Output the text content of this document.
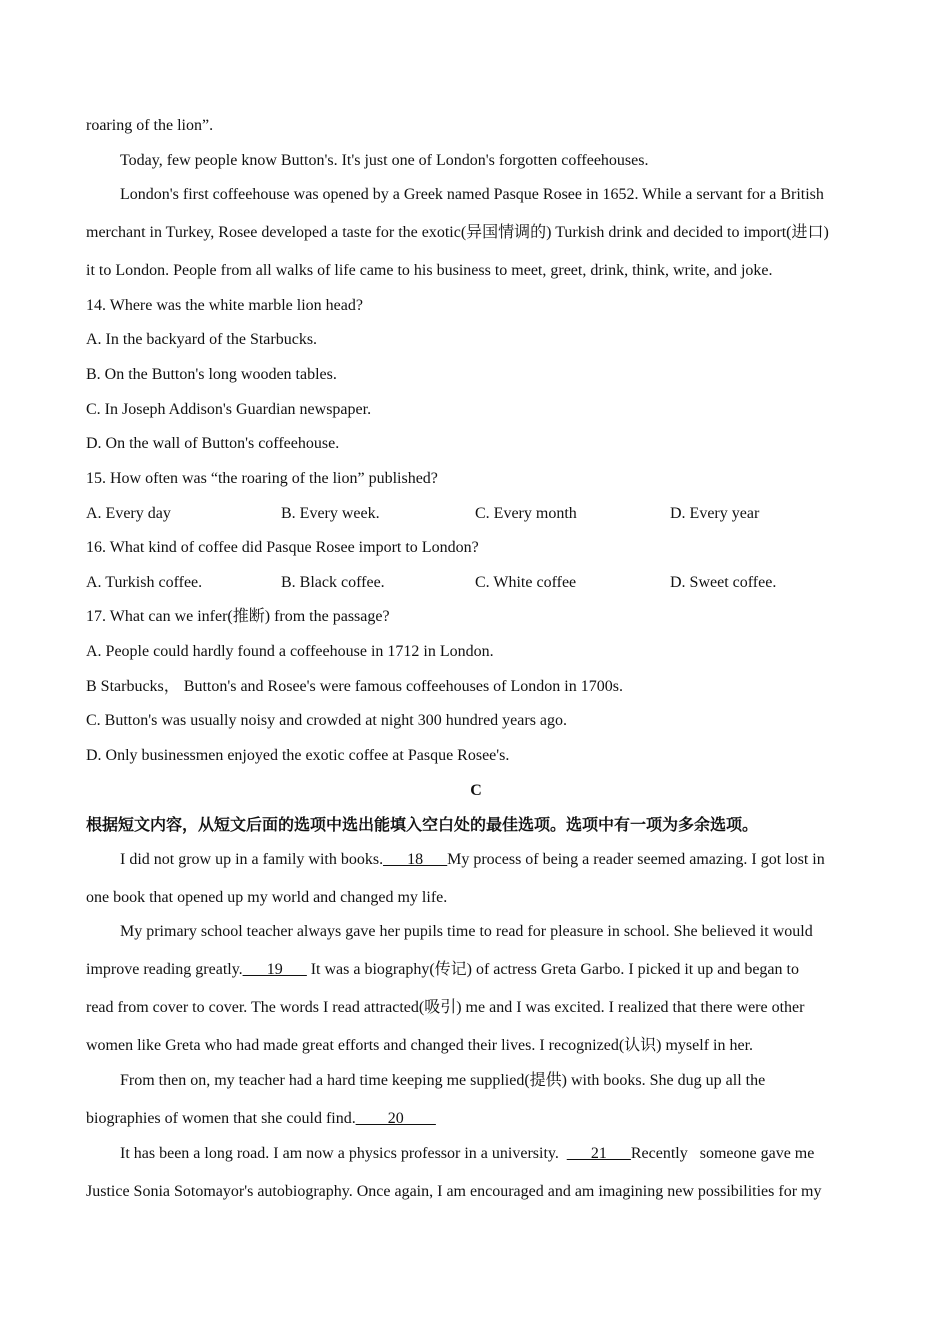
roaring of the lion”.
Today, few people know Button's. It's just one of London's forgotten coffeehouses.
London's first coffeehouse was opened by a Greek named Pasque Rosee in 1652. While a servant for a British
merchant in Turkey, Rosee developed a taste for the exotic(异国情调的) Turkish drink and decided to import(进口)
it to London. People from all walks of life came to his business to meet, greet, drink, think, write, and joke.
14. Where was the white marble lion head?
A. In the backyard of the Starbucks.
B. On the Button's long wooden tables.
C. In Joseph Addison's Guardian newspaper.
D. On the wall of Button's coffeehouse.
15. How often was “the roaring of the lion” published?
A. Every day	B. Every week.	C. Every month	D. Every year
16. What kind of coffee did Pasque Rosee import to London?
A. Turkish coffee.	B. Black coffee.	C. White coffee	D. Sweet coffee.
17. What can we infer(推断) from the passage?
A. People could hardly found a coffeehouse in 1712 in London.
B Starbucks， Button's and Rosee's were famous coffeehouses of London in 1700s.
C. Button's was usually noisy and crowded at night 300 hundred years ago.
D. Only businessmen enjoyed the exotic coffee at Pasque Rosee's.
C
根据短文内容，从短文后面的选项中选出能填入空白处的最佳选项。选项中有一项为多余选项。
I did not grow up in a family with books.___18___My process of being a reader seemed amazing. I got lost in
one book that opened up my world and changed my life.
My primary school teacher always gave her pupils time to read for pleasure in school. She believed it would
improve reading greatly.___19___ It was a biography(传记) of actress Greta Garbo. I picked it up and began to
read from cover to cover. The words I read attracted(吸引) me and I was excited. I realized that there were other
women like Greta who had made great efforts and changed their lives. I recognized(认识) myself in her.
From then on, my teacher had a hard time keeping me supplied(提供) with books. She dug up all the
biographies of women that she could find.____20____
It has been a long road. I am now a physics professor in a university.  ___21___Recently   someone gave me
Justice Sonia Sotomayor's autobiography. Once again, I am encouraged and am imagining new possibilities for my
